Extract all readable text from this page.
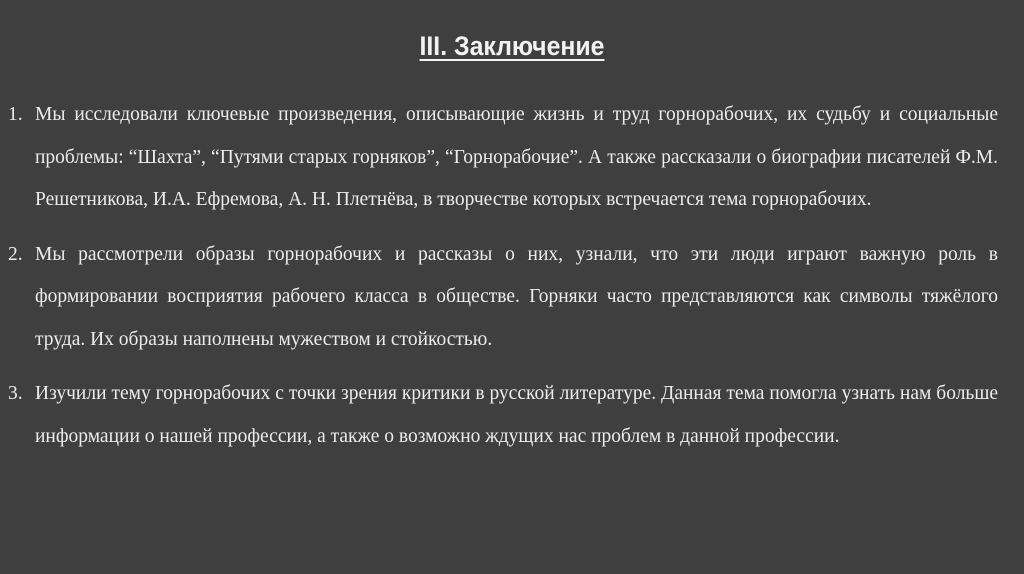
III. Заключение
1. Мы исследовали ключевые произведения, описывающие жизнь и труд горнорабочих, их судьбу и социальные проблемы: “Шахта”, “Путями старых горняков”, “Горнорабочие”. А также рассказали о биографии писателей Ф.М. Решетникова, И.А. Ефремова, А. Н. Плетнёва, в творчестве которых встречается тема горнорабочих.
2. Мы рассмотрели образы горнорабочих и рассказы о них, узнали, что эти люди играют важную роль в формировании восприятия рабочего класса в обществе. Горняки часто представляются как символы тяжёлого труда. Их образы наполнены мужеством и стойкостью.
3. Изучили тему горнорабочих с точки зрения критики в русской литературе. Данная тема помогла узнать нам больше информации о нашей профессии, а также о возможно ждущих нас проблем в данной профессии.
